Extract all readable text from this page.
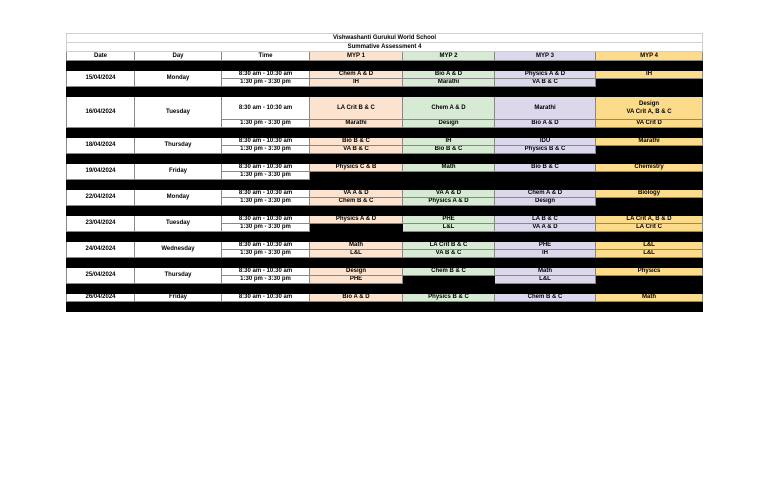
Vishwashanti Gurukul World School						
Summative Assessment 4						
Date	Day	Time	MYP 1	MYP 2	MYP 3	MYP 4

15/04/2024	Monday	8:30 am - 10:30 am	Chem A & D	Bio A & D	Physics A & D	IH
		1:30 pm - 3:30 pm	IH	Marathi	VA B & C	

16/04/2024	Tuesday	8:30 am - 10:30 am	LA Crit B & C	Chem A & D	Marathi	Design
VA Crit A, B & C

		1:30 pm - 3:30 pm	Marathi	Design	Bio A & D	VA Crit D

18/04/2024	Thursday	8:30 am - 10:30 am	Bio B & C	IH	IDU	Marathi
		1:30 pm - 3:30 pm	VA B & C	Bio B & C	Physics B & C	

19/04/2024	Friday	8:30 am - 10:30 am	Physics C & B	Math	Bio B & C	Chemistry
		1:30 pm - 3:30 pm				

22/04/2024	Monday	8:30 am - 10:30 am	VA A & D	VA A & D	Chem A & D	Biology
		1:30 pm - 3:30 pm	Chem B & C	Physics A & D	Design	

23/04/2024	Tuesday	8:30 am - 10:30 am	Physics A & D	PHE	LA B & C	LA Crit A, B & D
		1:30 pm - 3:30 pm		L&L	VA A & D	LA Crit C

24/04/2024	Wednesday	8:30 am - 10:30 am	Math	LA Crit B & C	PHE	L&L
		1:30 pm - 3:30 pm	L&L	VA B & C	IH	L&L

25/04/2024	Thursday	8:30 am - 10:30 am	Design	Chem B & C	Math	Physics
		1:30 pm - 3:30 pm	PHE		L&L	

26/04/2024	Friday	8:30 am - 10:30 am	Bio A & D	Physics B & C	Chem B & C	Math
